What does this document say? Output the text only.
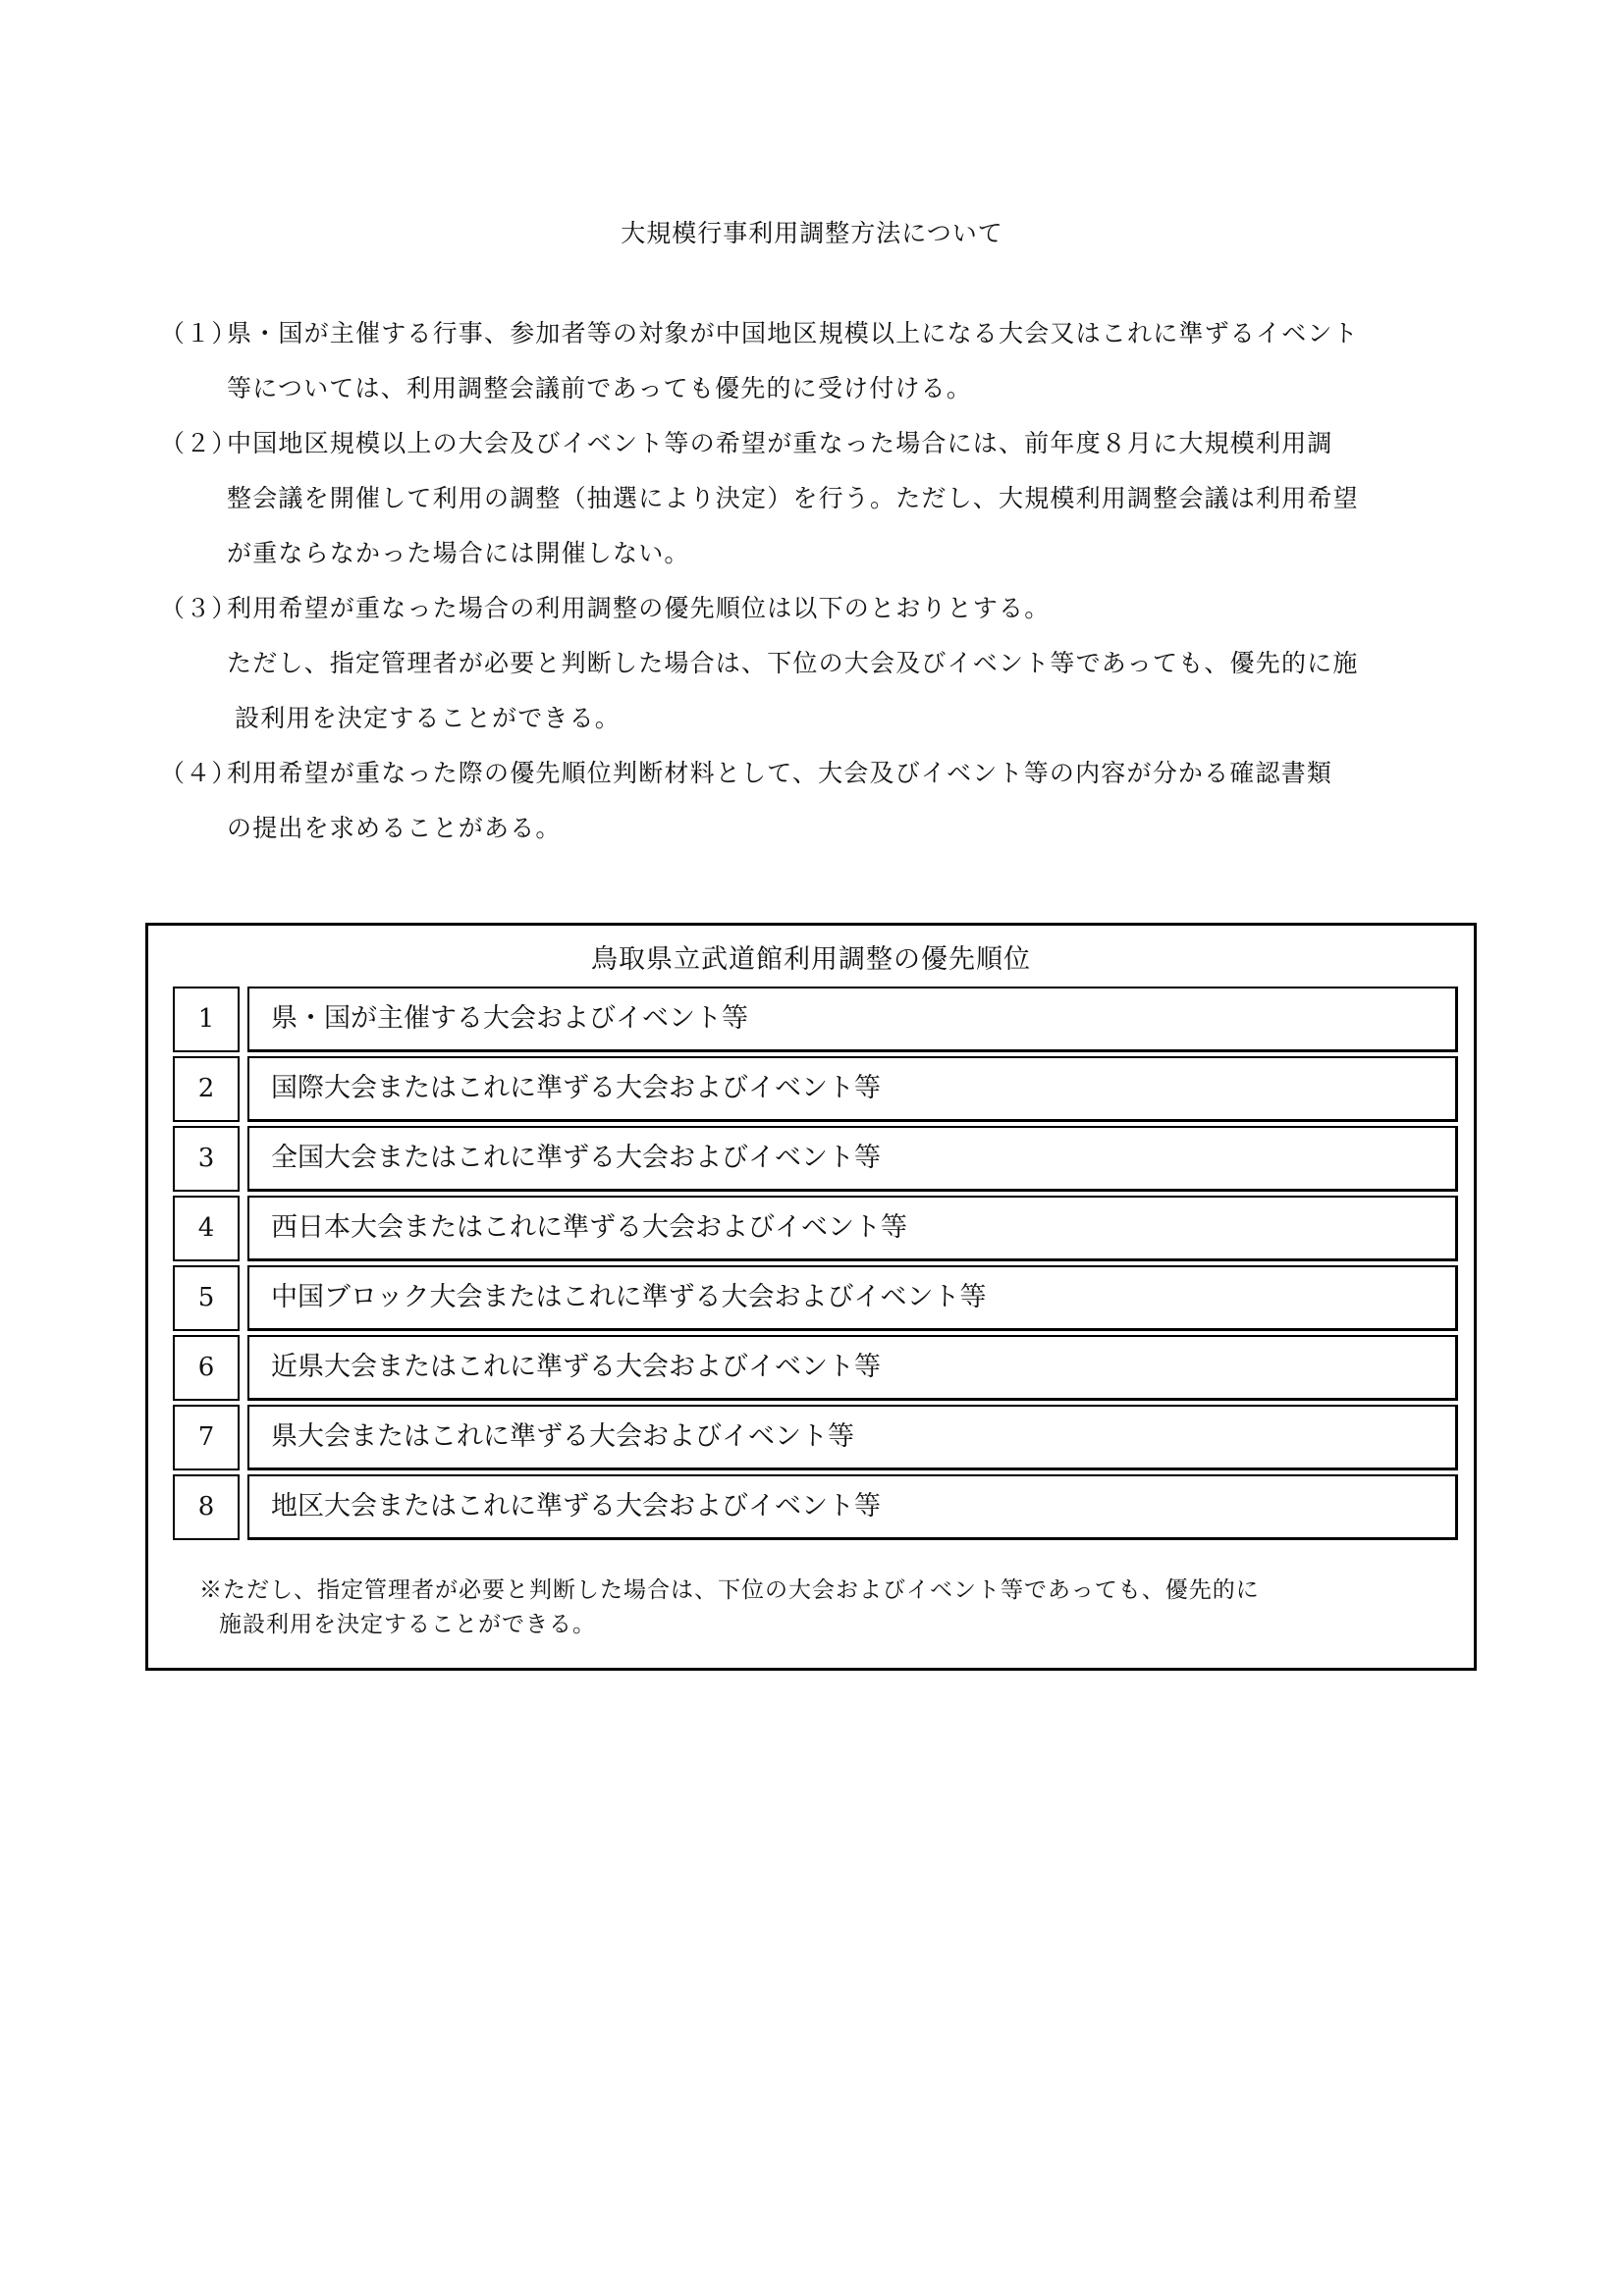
大規模行事利用調整方法について
（１）県・国が主催する行事、参加者等の対象が中国地区規模以上になる大会又はこれに準ずるイベント
等については、利用調整会議前であっても優先的に受け付ける。
（２）中国地区規模以上の大会及びイベント等の希望が重なった場合には、前年度８月に大規模利用調
整会議を開催して利用の調整（抽選により決定）を行う。ただし、大規模利用調整会議は利用希望
が重ならなかった場合には開催しない。
（３）利用希望が重なった場合の利用調整の優先順位は以下のとおりとする。
ただし、指定管理者が必要と判断した場合は、下位の大会及びイベント等であっても、優先的に施
設利用を決定することができる。
（４）利用希望が重なった際の優先順位判断材料として、大会及びイベント等の内容が分かる確認書類
の提出を求めることがある。
鳥取県立武道館利用調整の優先順位
1	県・国が主催する大会およびイベント等
2	国際大会またはこれに準ずる大会およびイベント等
3	全国大会またはこれに準ずる大会およびイベント等
4	西日本大会またはこれに準ずる大会およびイベント等
5	中国ブロック大会またはこれに準ずる大会およびイベント等
6	近県大会またはこれに準ずる大会およびイベント等
7	県大会またはこれに準ずる大会およびイベント等
8	地区大会またはこれに準ずる大会およびイベント等
※ただし、指定管理者が必要と判断した場合は、下位の大会およびイベント等であっても、優先的に
施設利用を決定することができる。
